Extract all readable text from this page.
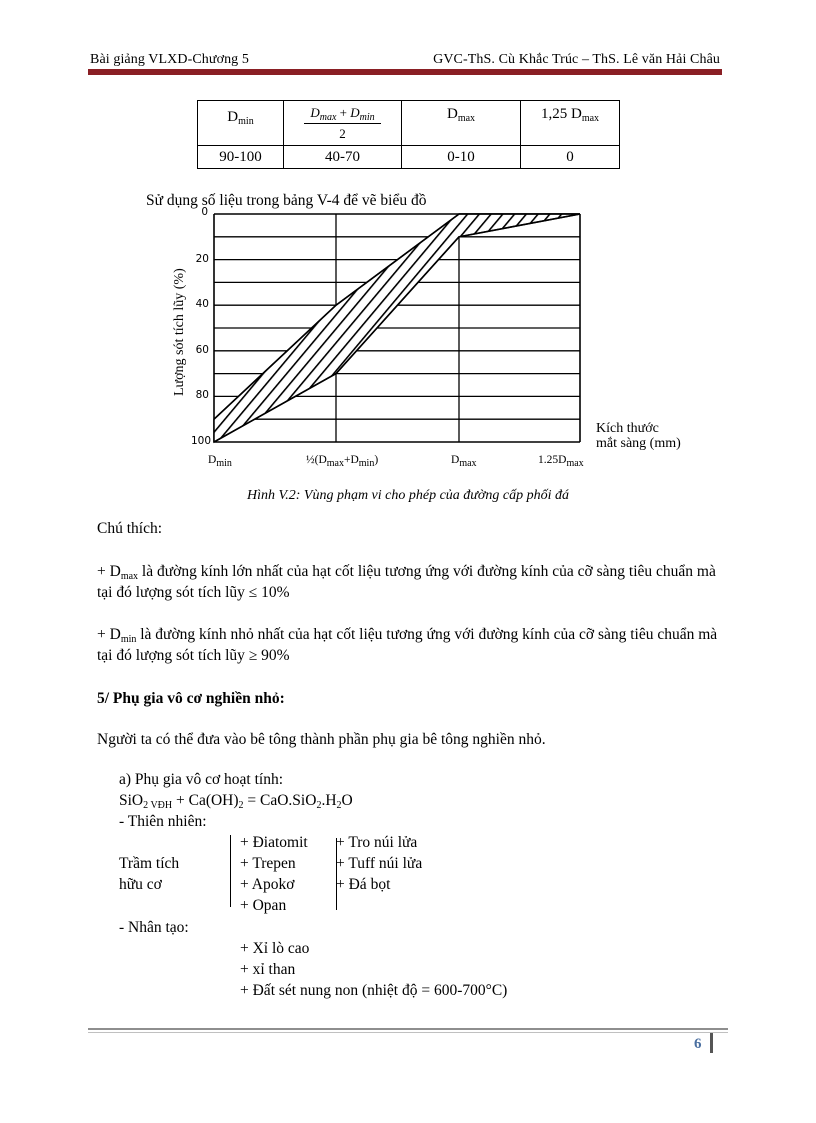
Bài giảng VLXD-Chương 5	GVC-ThS. Cù Khắc Trúc – ThS. Lê văn Hải Châu
$D_{min}$	$\frac{D_{max} + D_{min}}{2}$	$D_{max}$	1,25 $D_{max}$

90-100	40-70	0-10	0
Sử dụng số liệu trong bảng V-4 để vẽ biểu đồ
Lượng sót tích lũy (%)
0
20
40
60
80
100
Kích thước
mắt sàng (mm)
$D_{min}$	$\frac{1}{2}(D_{max}+D_{min})$	$D_{max}$	$1.25D_{max}$
Hình V.2: Vùng phạm vi cho phép của đường cấp phối đá
Chú thích:
+ $D_{max}$ là đường kính lớn nhất của hạt cốt liệu tương ứng với đường kính của cỡ sàng tiêu chuẩn mà tại đó lượng sót tích lũy ≤ 10%
+ $D_{min}$ là đường kính nhỏ nhất của hạt cốt liệu tương ứng với đường kính của cỡ sàng tiêu chuẩn mà tại đó lượng sót tích lũy ≥ 90%
5/ Phụ gia vô cơ nghiền nhỏ:
Người ta có thể đưa vào bê tông thành phần phụ gia bê tông nghiền nhỏ.
a) Phụ gia vô cơ hoạt tính:
$SiO_{2 VĐH} + Ca(OH)_2 = CaO.SiO_2.H_2O$
- Thiên nhiên:
Trầm tích
hữu cơ
+ Điatomit
+ Trepen
+ Apokơ
+ Opan
+ Tro núi lửa
+ Tuff núi lửa
+ Đá bọt
- Nhân tạo:
+ Xỉ lò cao
+ xỉ than
+ Đất sét nung non (nhiệt độ = 600-700°C)
6
